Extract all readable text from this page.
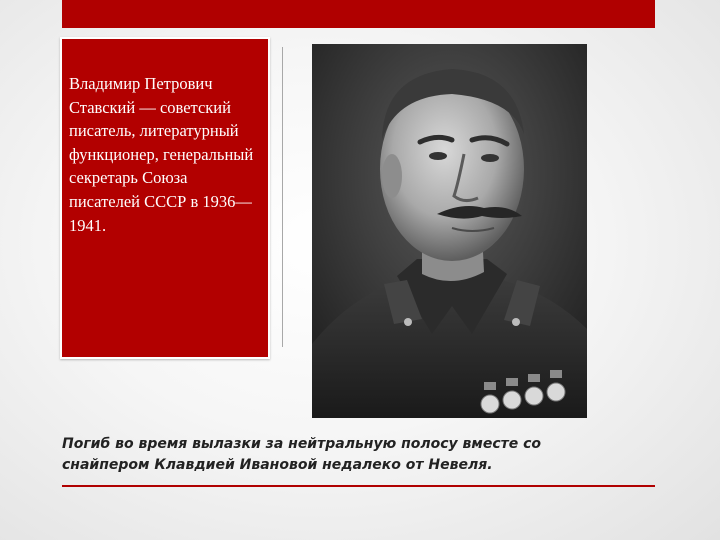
Владимир Петрович Ставский — советский писатель, литературный функционер, генеральный секретарь Союза писателей СССР в 1936—1941.
Погиб во время вылазки за нейтральную полосу вместе со
снайпером Клавдией Ивановой недалеко от Невеля.
